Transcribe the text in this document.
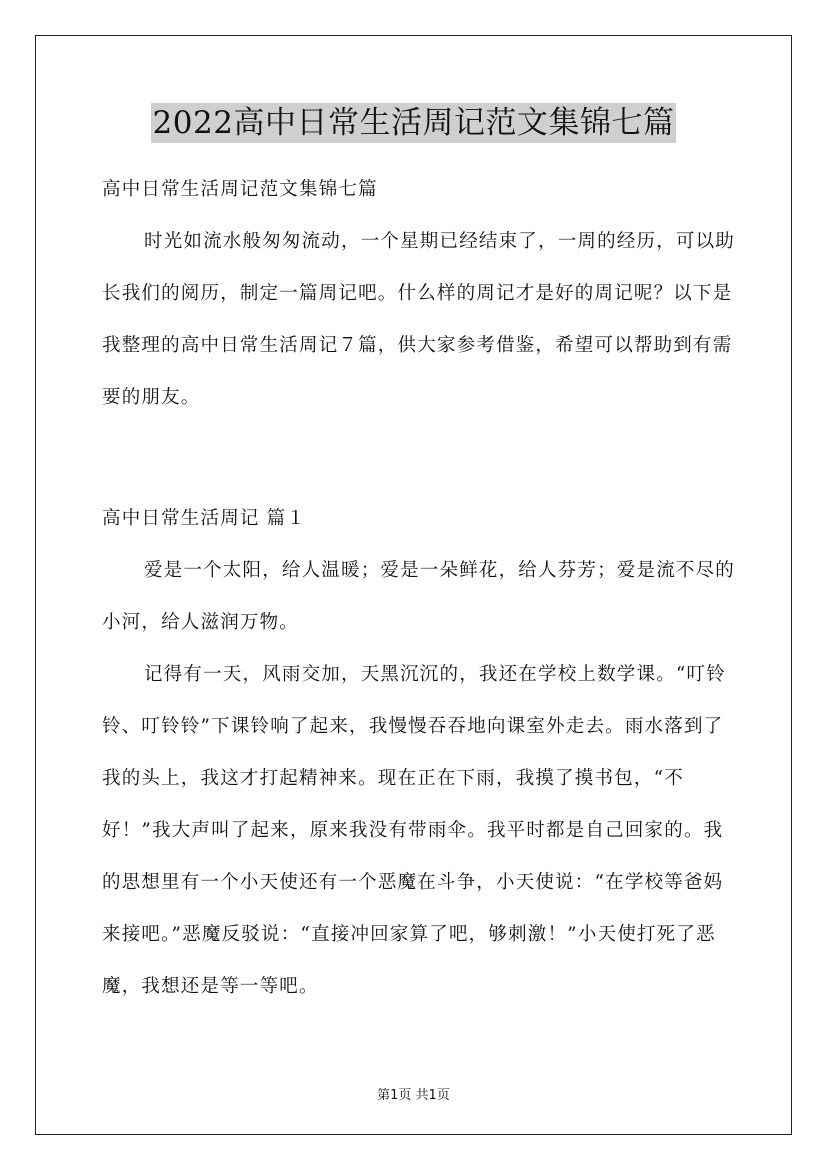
2022高中日常生活周记范文集锦七篇

高中日常生活周记范文集锦七篇

时光如流水般匆匆流动，一个星期已经结束了，一周的经历，可以助长我们的阅历，制定一篇周记吧。什么样的周记才是好的周记呢？以下是我整理的高中日常生活周记７篇，供大家参考借鉴，希望可以帮助到有需要的朋友。

高中日常生活周记 篇１

爱是一个太阳，给人温暖；爱是一朵鲜花，给人芬芳；爱是流不尽的小河，给人滋润万物。

记得有一天，风雨交加，天黑沉沉的，我还在学校上数学课。“叮铃铃、叮铃铃”下课铃响了起来，我慢慢吞吞地向课室外走去。雨水落到了我的头上，我这才打起精神来。现在正在下雨，我摸了摸书包，“不好！”我大声叫了起来，原来我没有带雨伞。我平时都是自己回家的。我的思想里有一个小天使还有一个恶魔在斗争，小天使说：“在学校等爸妈来接吧。”恶魔反驳说：“直接冲回家算了吧，够刺激！”小天使打死了恶魔，我想还是等一等吧。

第1页 共1页
